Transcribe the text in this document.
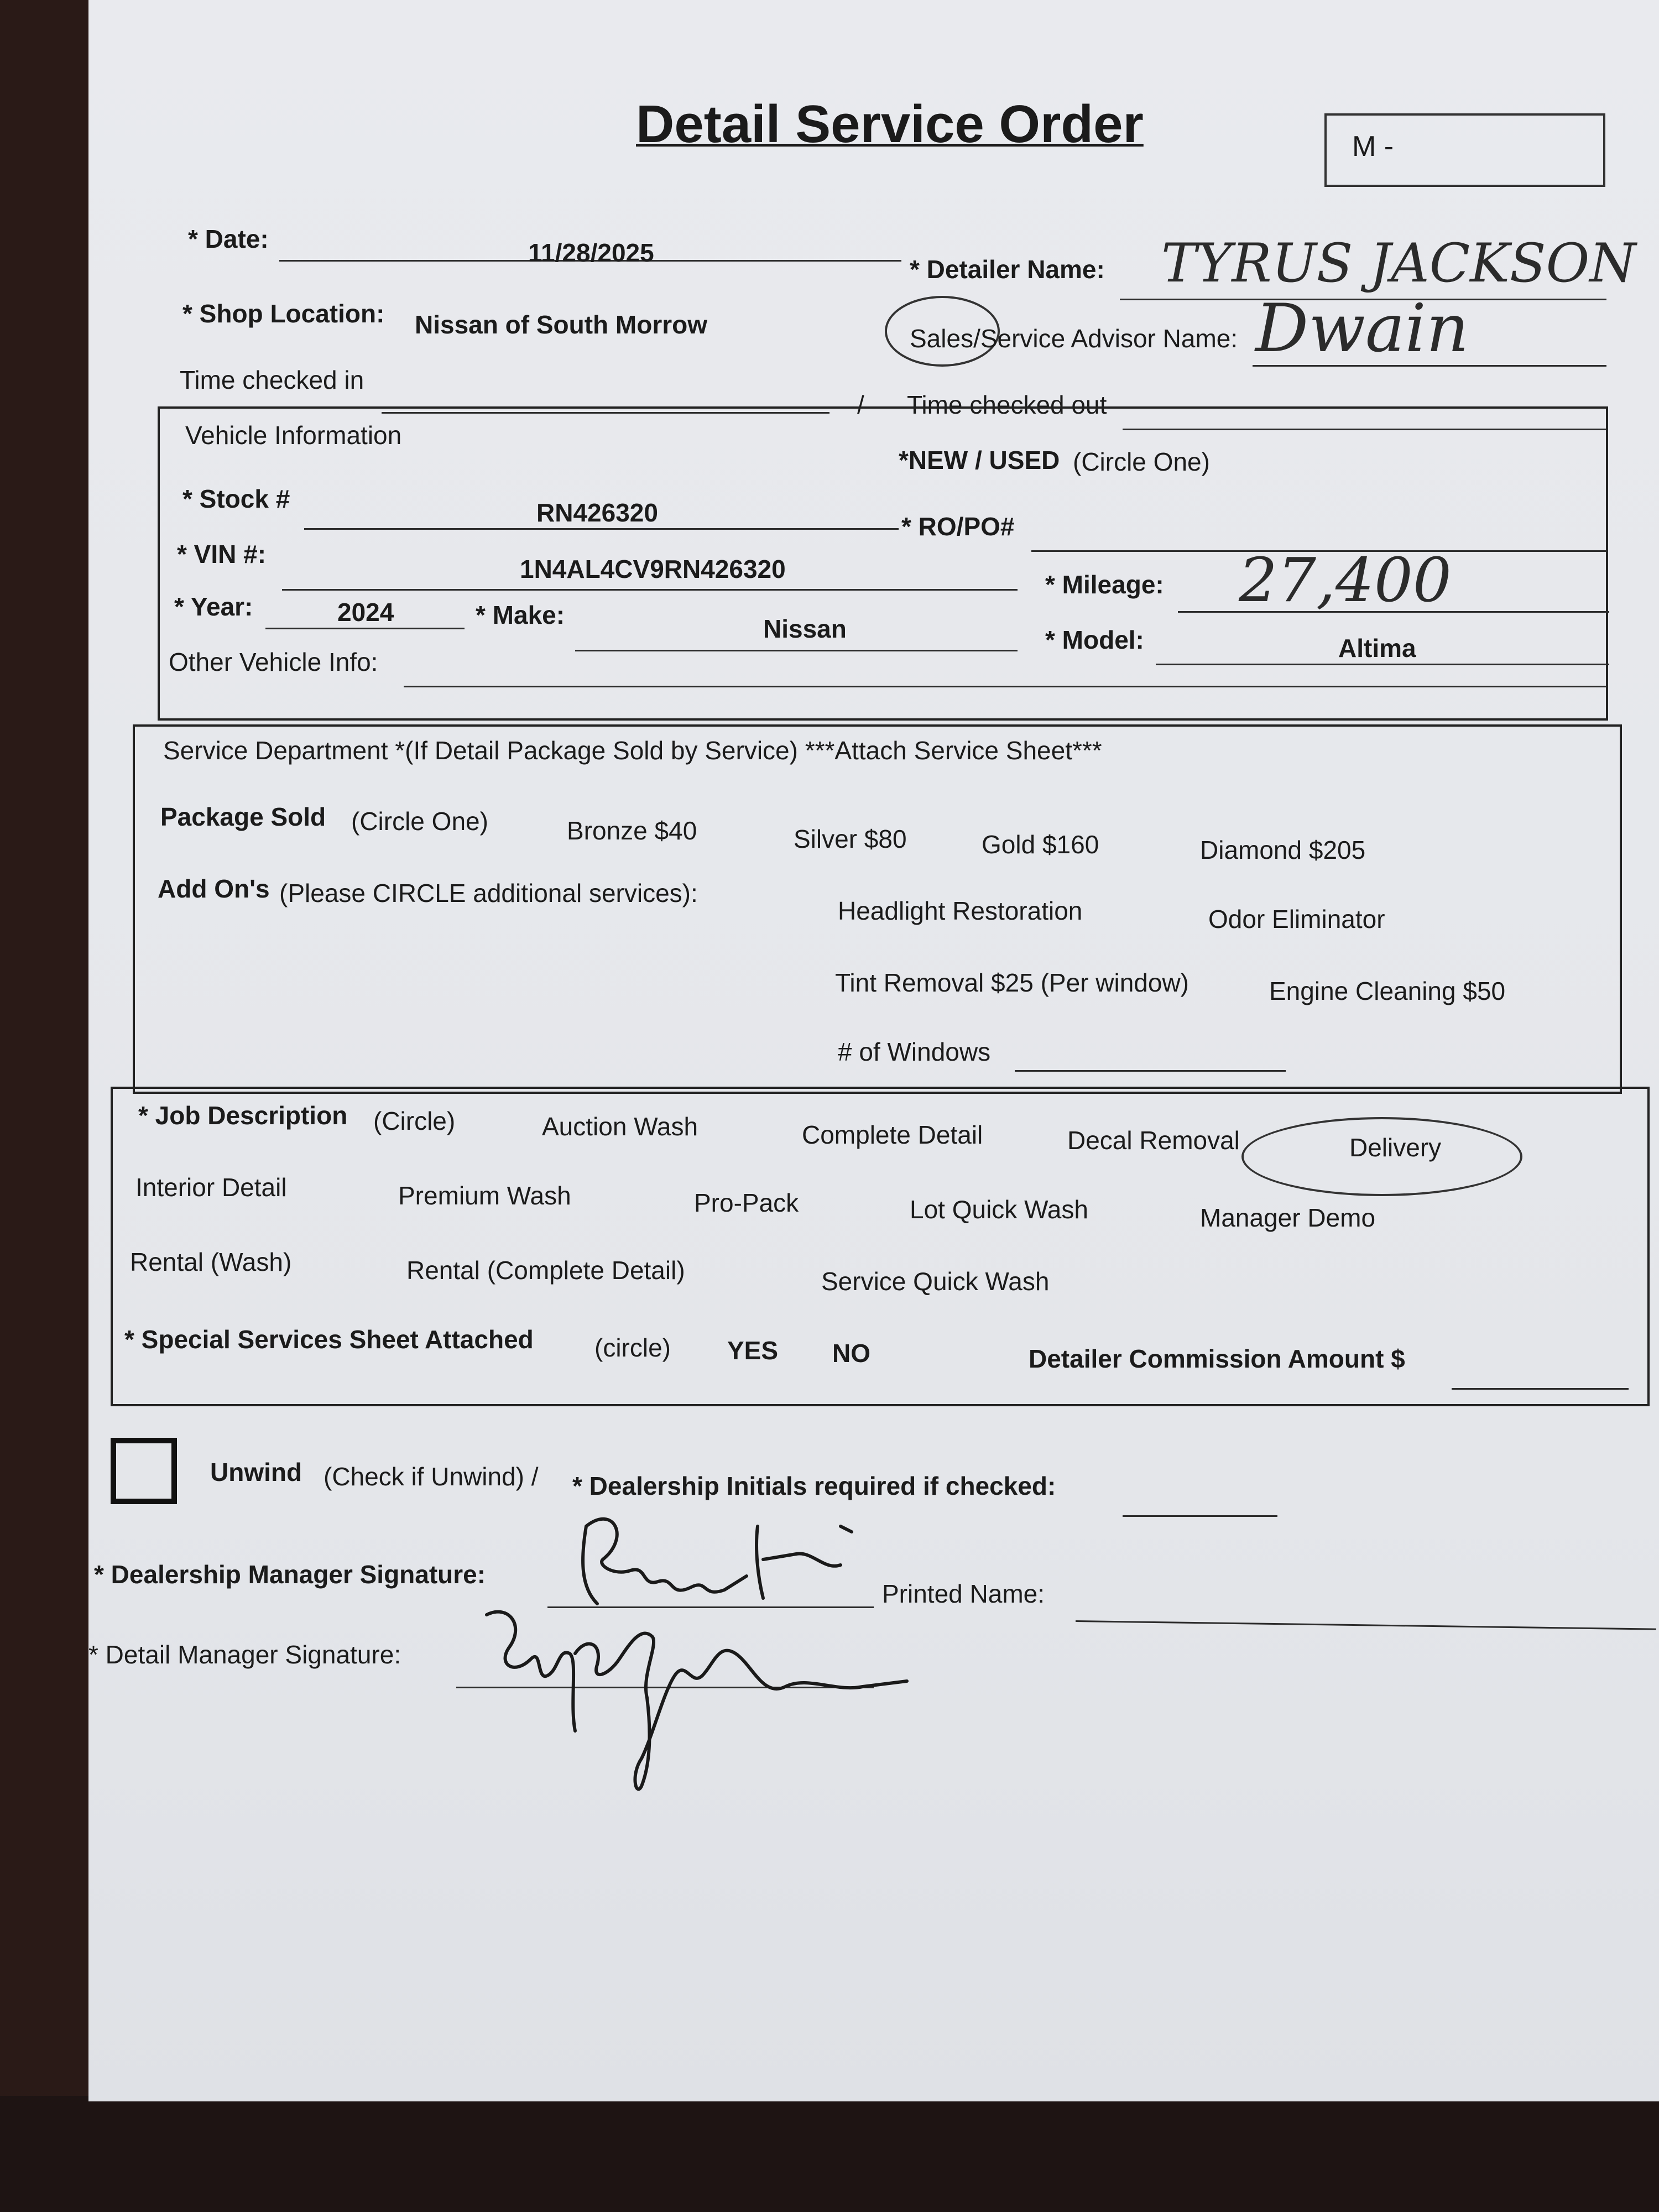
Detail Service Order	M -
* Date:	11/28/2025
* Detailer Name: TYRUS JACKSON
* Shop Location: Nissan of South Morrow	Sales/Service Advisor Name: Dwain
Time checked in
/ Time checked out
Vehicle Information
*NEW / USED (Circle One)
* Stock #	RN426320	* RO/PO#
* VIN #:
1N4AL4CV9RN426320
* Mileage: 27,400
* Year:	2024	* Make:	Nissan	* Model:	Altima
Other Vehicle Info:
Service Department *(If Detail Package Sold by Service) ***Attach Service Sheet***
Package Sold (Circle One)	Bronze $40	Silver $80	Gold $160	Diamond $205
Add On's (Please CIRCLE additional services):
Headlight Restoration	Odor Eliminator
Tint Removal $25 (Per window)	Engine Cleaning $50
# of Windows
* Job Description (Circle)	Auction Wash	Complete Detail	Decal Removal	Delivery
Interior Detail	Premium Wash	Pro-Pack	Lot Quick Wash	Manager Demo
Rental (Wash)	Rental (Complete Detail)	Service Quick Wash
* Special Services Sheet Attached (circle) YES NO	Detailer Commission Amount $
Unwind (Check if Unwind) / * Dealership Initials required if checked:
* Dealership Manager Signature:
Printed Name:
* Detail Manager Signature:
